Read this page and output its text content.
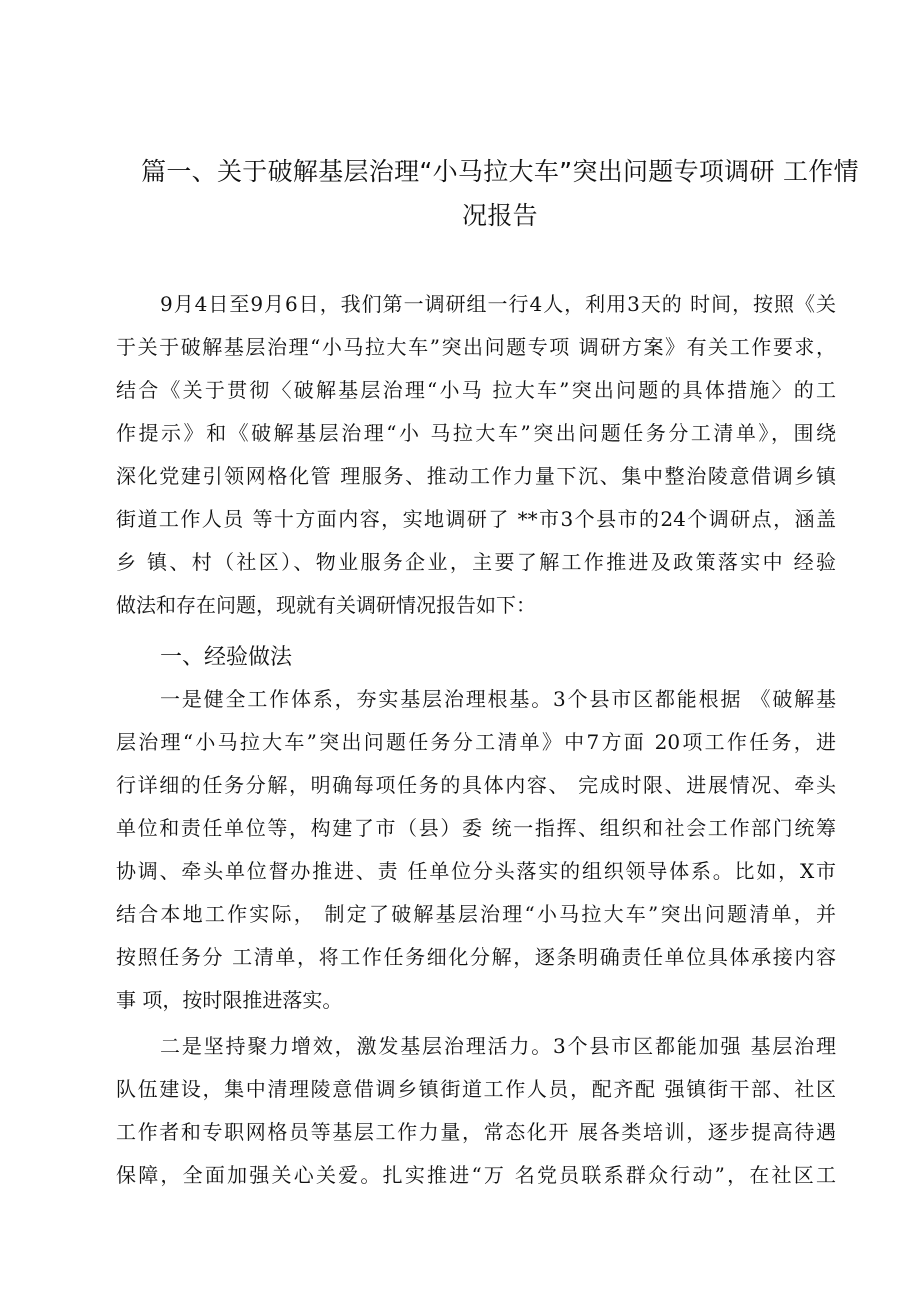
篇一、关于破解基层治理“小马拉大车”突出问题专项调研 工作情
况报告

9月4日至9月6日，我们第一调研组一行4人，利用3天的 时间，按照《关

于关于破解基层治理“小马拉大车”突出问题专项 调研方案》有关工作要求，

结合《关于贯彻〈破解基层治理“小马 拉大车”突出问题的具体措施〉的工

作提示》和《破解基层治理“小 马拉大车”突出问题任务分工清单》，围绕

深化党建引领网格化管 理服务、推动工作力量下沉、集中整治陵意借调乡镇

街道工作人员 等十方面内容，实地调研了 **市3个县市的24个调研点，涵盖

乡 镇、村（社区）、物业服务企业，主要了解工作推进及政策落实中 经验

做法和存在问题，现就有关调研情况报告如下：

一、经验做法

一是健全工作体系，夯实基层治理根基。3个县市区都能根据 《破解基

层治理“小马拉大车”突出问题任务分工清单》中7方面 20项工作任务，进

行详细的任务分解，明确每项任务的具体内容、 完成时限、进展情况、牵头

单位和责任单位等，构建了市（县）委 统一指挥、组织和社会工作部门统筹

协调、牵头单位督办推进、责 任单位分头落实的组织领导体系。比如，X市

结合本地工作实际， 制定了破解基层治理“小马拉大车”突出问题清单，并

按照任务分 工清单，将工作任务细化分解，逐条明确责任单位具体承接内容

事 项，按时限推进落实。

二是坚持聚力增效，激发基层治理活力。3个县市区都能加强 基层治理

队伍建设，集中清理陵意借调乡镇街道工作人员，配齐配 强镇街干部、社区

工作者和专职网格员等基层工作力量，常态化开 展各类培训，逐步提高待遇

保障，全面加强关心关爱。扎实推进“万 名党员联系群众行动”，在社区工
